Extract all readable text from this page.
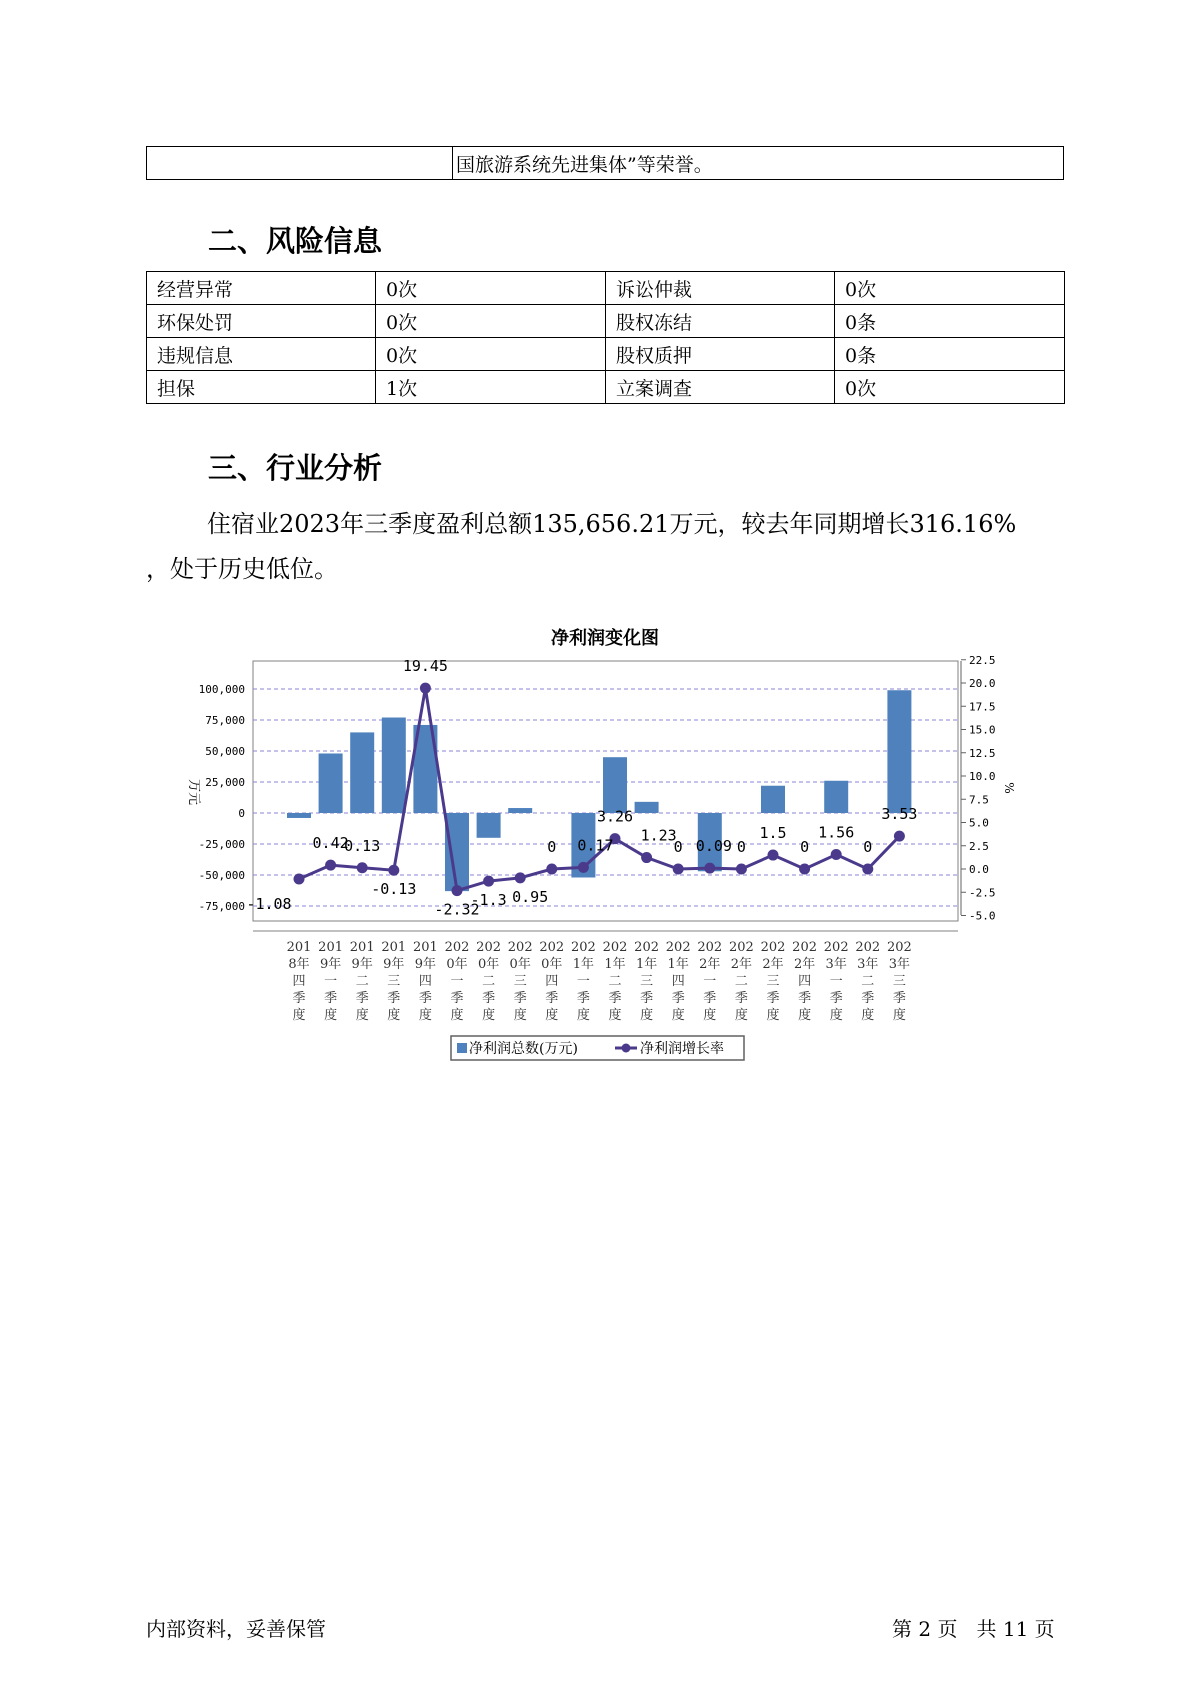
	国旅游系统先进集体”等荣誉。
二、风险信息
经营异常	0次	诉讼仲裁	0次
环保处罚	0次	股权冻结	0条
违规信息	0次	股权质押	0条
担保	1次	立案调查	0次
三、行业分析
住宿业2023年三季度盈利总额135,656.21万元，较去年同期增长316.16%
，处于历史低位。
净利润变化图
100,000
75,000
50,000
25,000
0
-25,000
-50,000
-75,000
22.5
20.0
17.5
15.0
12.5
10.0
7.5
5.0
2.5
0.0
-2.5
-5.0
万元	%
-1.08
0.42
0.13
-0.13
19.45
-2.32
-1.3 0.95
0 0.17
3.26
1.23
0 0.09 0
1.5
0
1.56
0
3.53
201 8年四季度
201 9年一季度
201 9年二季度
201 9年三季度
201 9年四季度
202 0年一季度
202 0年二季度
202 0年三季度
202 0年四季度
202 1年一季度
202 1年二季度
202 1年三季度
202 1年四季度
202 2年一季度
202 2年二季度
202 2年三季度
202 2年四季度
202 3年一季度
202 3年二季度
202 3年三季度
净利润总数(万元)	净利润增长率
内部资料，妥善保管	第 2 页   共 11 页
